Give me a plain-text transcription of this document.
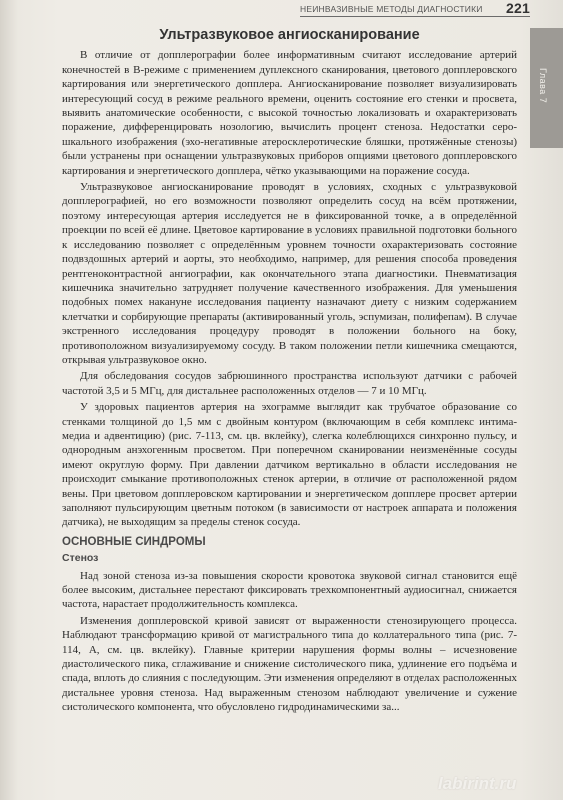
НЕИНВАЗИВНЫЕ МЕТОДЫ ДИАГНОСТИКИ 221
Глава 7
Ультразвуковое ангиосканирование

В отличие от допплерографии более информативным считают исследование артерий конечностей в B-режиме с применением дуплексного сканирования, цветового допплеровского картирования или энергетического допплера. Ангиосканирование позволяет визуализировать интересующий сосуд в режиме реального времени, оценить состояние его стенки и просвета, выявить анатомические особенности, с высокой точностью локализовать и охарактеризовать поражение, дифференцировать нозологию, вычислить процент стеноза. Недостатки серо-шкального изображения (эхо-негативные атеросклеротические бляшки, протяжённые стенозы) были устранены при оснащении ультразвуковых приборов опциями цветового допплеровского картирования и энергетического допплера, чётко указывающими на поражение сосуда.

Ультразвуковое ангиосканирование проводят в условиях, сходных с ультразвуковой допплерографией, но его возможности позволяют определить сосуд на всём протяжении, поэтому интересующая артерия исследуется не в фиксированной точке, а в определённой проекции по всей её длине. Цветовое картирование в условиях правильной подготовки больного к исследованию позволяет с определённым уровнем точности охарактеризовать состояние подвздошных артерий и аорты, это необходимо, например, для решения способа проведения рентгеноконтрастной ангиографии, как окончательного этапа диагностики. Пневматизация кишечника значительно затрудняет получение качественного изображения. Для уменьшения подобных помех накануне исследования пациенту назначают диету с низким содержанием клетчатки и сорбирующие препараты (активированный уголь, эспумизан, полифепам). В случае экстренного исследования процедуру проводят в положении больного на боку, противоположном визуализируемому сосуду. В таком положении петли кишечника смещаются, открывая ультразвуковое окно.

Для обследования сосудов забрюшинного пространства используют датчики с рабочей частотой 3,5 и 5 МГц, для дистальнее расположенных отделов — 7 и 10 МГц.

У здоровых пациентов артерия на эхограмме выглядит как трубчатое образование со стенками толщиной до 1,5 мм с двойным контуром (включающим в себя комплекс интима-медиа и адвентицию) (рис. 7-113, см. цв. вклейку), слегка колеблющихся синхронно пульсу, и однородным анэхогенным просветом. При поперечном сканировании неизменённые сосуды имеют округлую форму. При давлении датчиком вертикально в области исследования не происходит смыкание противоположных стенок артерии, в отличие от расположенной рядом вены. При цветовом допплеровском картировании и энергетическом допплере просвет артерии заполняют пульсирующим цветным потоком (в зависимости от настроек аппарата и положения датчика), не выходящим за пределы стенок сосуда.

ОСНОВНЫЕ СИНДРОМЫ
Стеноз

Над зоной стеноза из-за повышения скорости кровотока звуковой сигнал становится ещё более высоким, дистальнее перестают фиксировать трехкомпонентный аудиосигнал, снижается частота, нарастает продолжительность комплекса.

Изменения допплеровской кривой зависят от выраженности стенозирующего процесса. Наблюдают трансформацию кривой от магистрального типа до коллатерального типа (рис. 7-114, А, см. цв. вклейку). Главные критерии нарушения формы волны – исчезновение диастолического пика, сглаживание и снижение систолического пика, удлинение его подъёма и спада, вплоть до слияния с последующим. Эти изменения определяют в отделах расположенных дистальнее уровня стеноза. Над выраженным стенозом наблюдают увеличение и сужение систолического компонента, что обусловлено гидродинамическими за...

labirint.ru
